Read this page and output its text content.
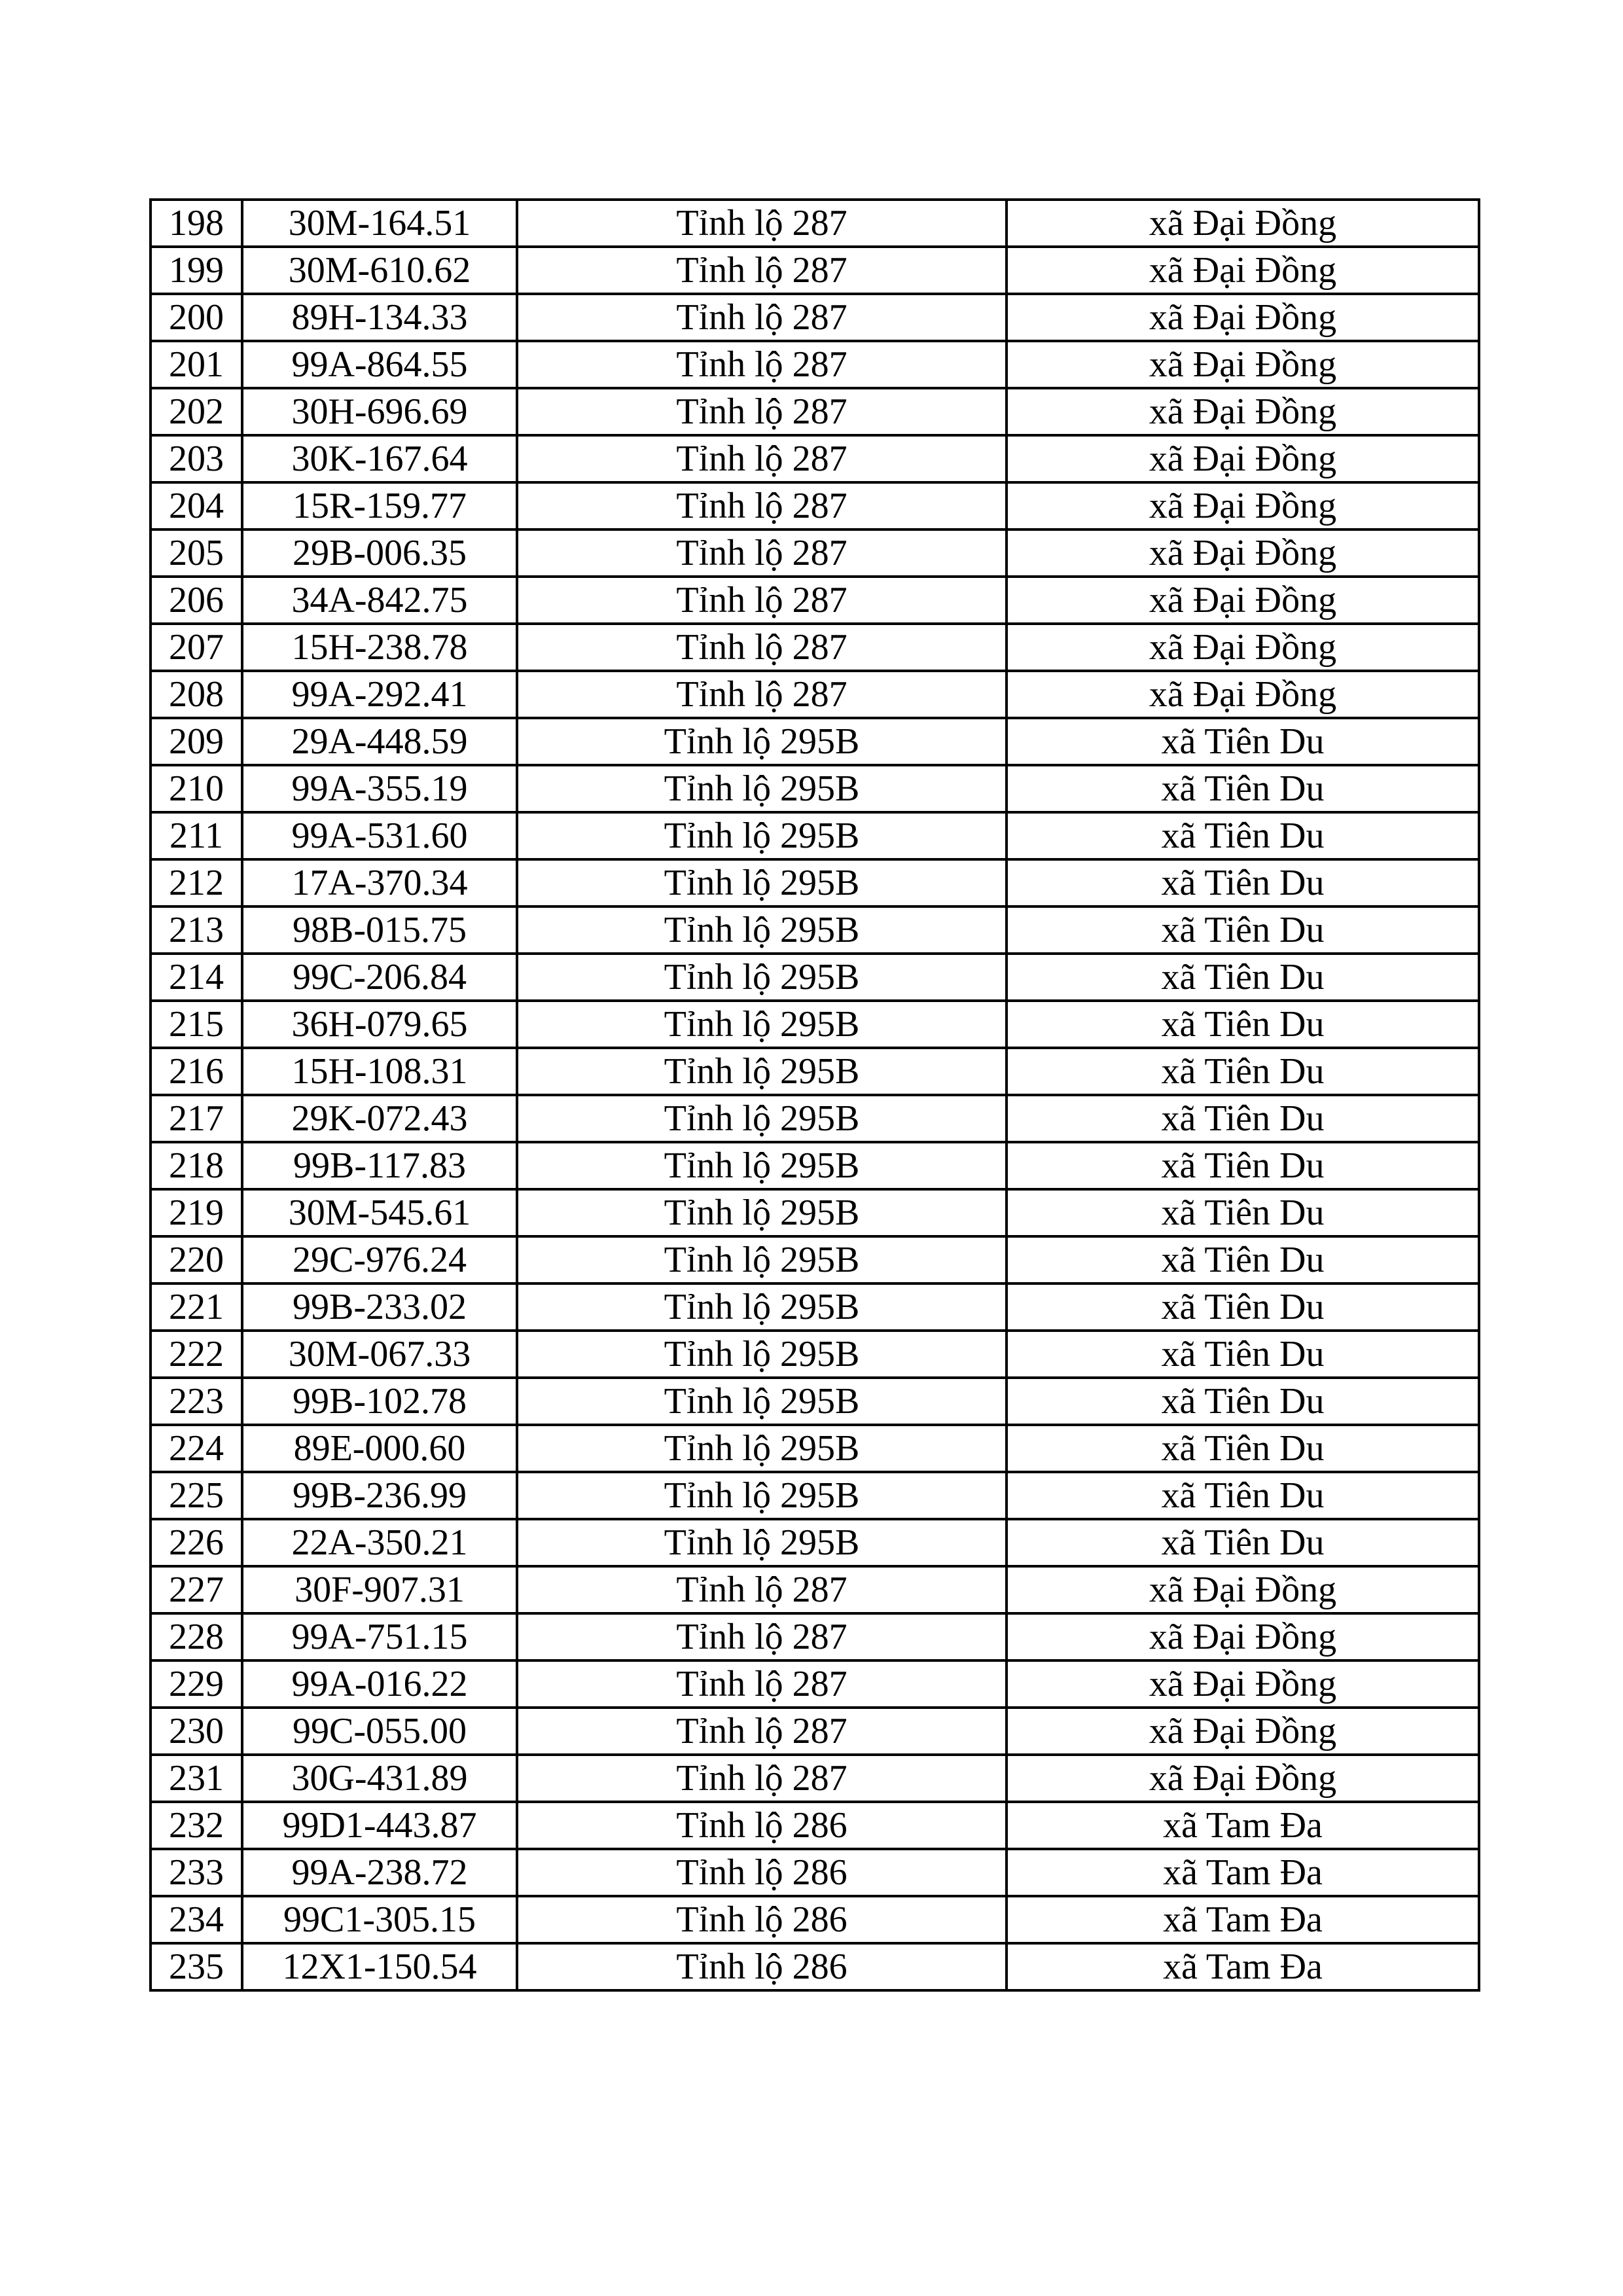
198	30M-164.51	Tỉnh lộ 287	xã Đại Đồng
199	30M-610.62	Tỉnh lộ 287	xã Đại Đồng
200	89H-134.33	Tỉnh lộ 287	xã Đại Đồng
201	99A-864.55	Tỉnh lộ 287	xã Đại Đồng
202	30H-696.69	Tỉnh lộ 287	xã Đại Đồng
203	30K-167.64	Tỉnh lộ 287	xã Đại Đồng
204	15R-159.77	Tỉnh lộ 287	xã Đại Đồng
205	29B-006.35	Tỉnh lộ 287	xã Đại Đồng
206	34A-842.75	Tỉnh lộ 287	xã Đại Đồng
207	15H-238.78	Tỉnh lộ 287	xã Đại Đồng
208	99A-292.41	Tỉnh lộ 287	xã Đại Đồng
209	29A-448.59	Tỉnh lộ 295B	xã Tiên Du
210	99A-355.19	Tỉnh lộ 295B	xã Tiên Du
211	99A-531.60	Tỉnh lộ 295B	xã Tiên Du
212	17A-370.34	Tỉnh lộ 295B	xã Tiên Du
213	98B-015.75	Tỉnh lộ 295B	xã Tiên Du
214	99C-206.84	Tỉnh lộ 295B	xã Tiên Du
215	36H-079.65	Tỉnh lộ 295B	xã Tiên Du
216	15H-108.31	Tỉnh lộ 295B	xã Tiên Du
217	29K-072.43	Tỉnh lộ 295B	xã Tiên Du
218	99B-117.83	Tỉnh lộ 295B	xã Tiên Du
219	30M-545.61	Tỉnh lộ 295B	xã Tiên Du
220	29C-976.24	Tỉnh lộ 295B	xã Tiên Du
221	99B-233.02	Tỉnh lộ 295B	xã Tiên Du
222	30M-067.33	Tỉnh lộ 295B	xã Tiên Du
223	99B-102.78	Tỉnh lộ 295B	xã Tiên Du
224	89E-000.60	Tỉnh lộ 295B	xã Tiên Du
225	99B-236.99	Tỉnh lộ 295B	xã Tiên Du
226	22A-350.21	Tỉnh lộ 295B	xã Tiên Du
227	30F-907.31	Tỉnh lộ 287	xã Đại Đồng
228	99A-751.15	Tỉnh lộ 287	xã Đại Đồng
229	99A-016.22	Tỉnh lộ 287	xã Đại Đồng
230	99C-055.00	Tỉnh lộ 287	xã Đại Đồng
231	30G-431.89	Tỉnh lộ 287	xã Đại Đồng
232	99D1-443.87	Tỉnh lộ 286	xã Tam Đa
233	99A-238.72	Tỉnh lộ 286	xã Tam Đa
234	99C1-305.15	Tỉnh lộ 286	xã Tam Đa
235	12X1-150.54	Tỉnh lộ 286	xã Tam Đa
